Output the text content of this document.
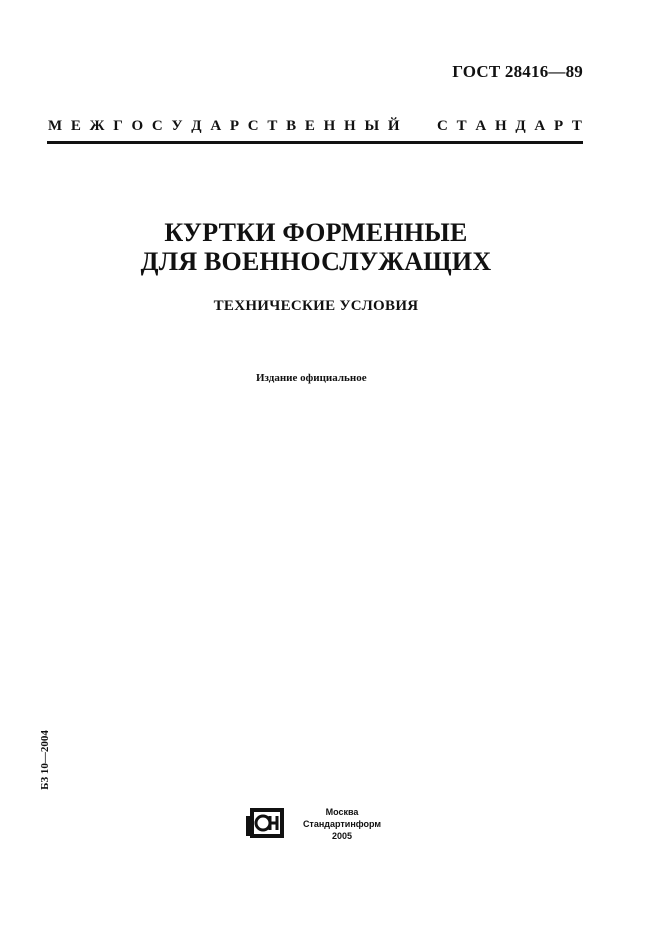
ГОСТ 28416—89
М Е Ж Г О С У Д А Р С Т В Е Н Н Ы Й С Т А Н Д А Р Т
КУРТКИ ФОРМЕННЫЕ
ДЛЯ ВОЕННОСЛУЖАЩИХ
ТЕХНИЧЕСКИЕ УСЛОВИЯ
Издание официальное
БЗ 10—2004
Москва
Стандартинформ
2005
